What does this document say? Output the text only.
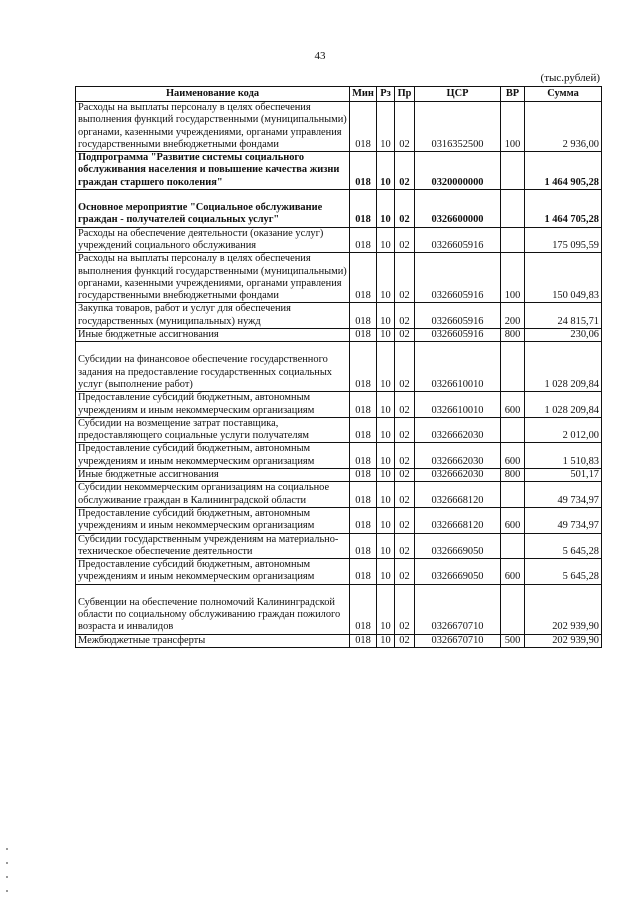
43
(тыс.рублей)
Наименование кода	Мин	Рз	Пр	ЦСР	ВР	Сумма
Расходы на выплаты персоналу в целях обеспечения выполнения функций государственными (муниципальными) органами, казенными учреждениями, органами управления государственными внебюджетными фондами	018	10	02	0316352500	100	2 936,00
Подпрограмма "Развитие системы социального обслуживания населения и повышение качества жизни граждан старшего поколения"	018	10	02	0320000000		1 464 905,28

Основное мероприятие "Социальное обслуживание граждан - получателей социальных услуг"	018	10	02	0326600000		1 464 705,28
Расходы на обеспечение деятельности (оказание услуг) учреждений социального обслуживания	018	10	02	0326605916		175 095,59
Расходы на выплаты персоналу в целях обеспечения выполнения функций государственными (муниципальными) органами, казенными учреждениями, органами управления государственными внебюджетными фондами	018	10	02	0326605916	100	150 049,83
Закупка товаров, работ и услуг для обеспечения государственных (муниципальных) нужд	018	10	02	0326605916	200	24 815,71
Иные бюджетные ассигнования	018	10	02	0326605916	800	230,06

Субсидии на финансовое обеспечение государственного задания на предоставление государственных социальных услуг (выполнение работ)	018	10	02	0326610010		1 028 209,84
Предоставление субсидий бюджетным, автономным учреждениям и иным некоммерческим организациям	018	10	02	0326610010	600	1 028 209,84
Субсидии на возмещение затрат поставщика, предоставляющего социальные услуги получателям	018	10	02	0326662030		2 012,00
Предоставление субсидий бюджетным, автономным учреждениям и иным некоммерческим организациям	018	10	02	0326662030	600	1 510,83
Иные бюджетные ассигнования	018	10	02	0326662030	800	501,17
Субсидии некоммерческим организациям на социальное обслуживание граждан в Калининградской области	018	10	02	0326668120		49 734,97
Предоставление субсидий бюджетным, автономным учреждениям и иным некоммерческим организациям	018	10	02	0326668120	600	49 734,97
Субсидии государственным учреждениям на материально-техническое обеспечение деятельности	018	10	02	0326669050		5 645,28
Предоставление субсидий бюджетным, автономным учреждениям и иным некоммерческим организациям	018	10	02	0326669050	600	5 645,28

Субвенции на обеспечение полномочий Калининградской области по социальному обслуживанию граждан пожилого возраста и инвалидов	018	10	02	0326670710		202 939,90
Межбюджетные трансферты	018	10	02	0326670710	500	202 939,90
